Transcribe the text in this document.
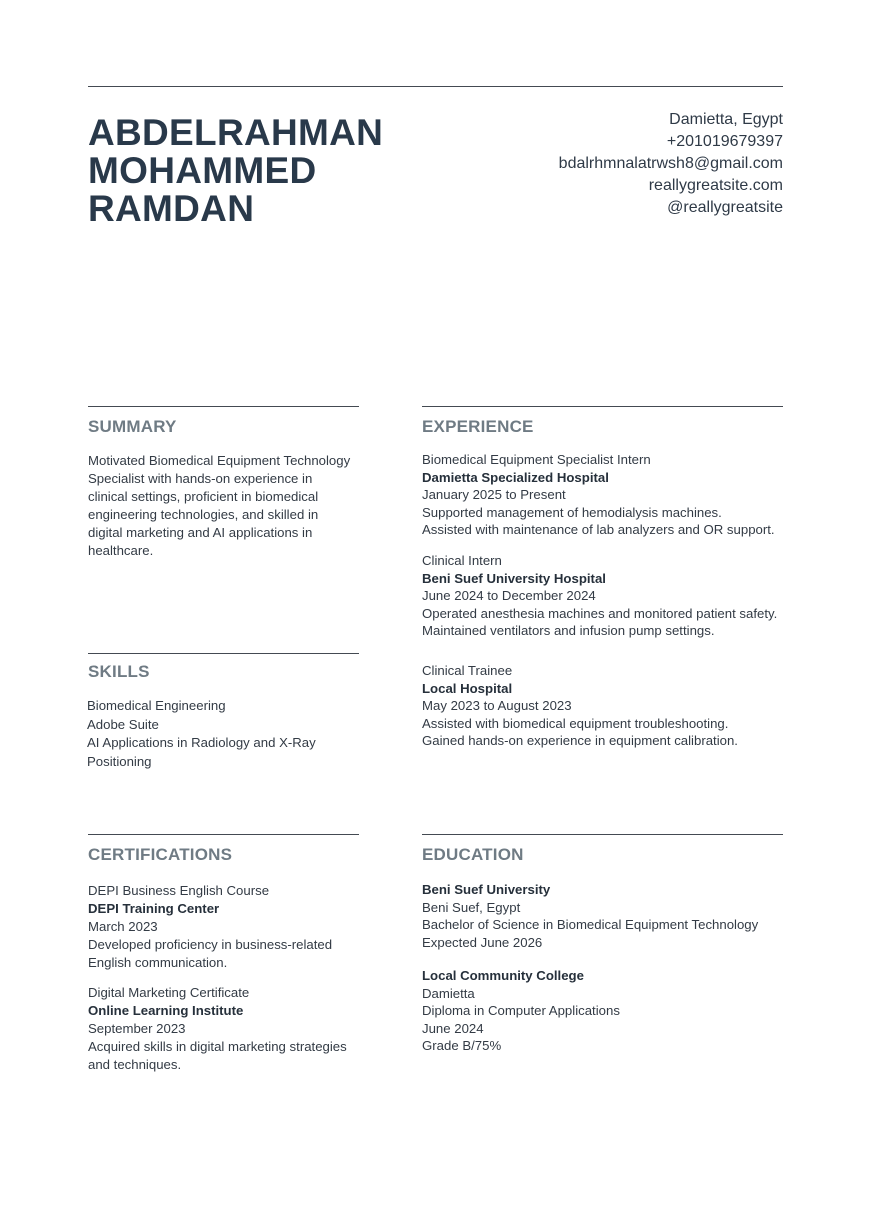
ABDELRAHMAN
MOHAMMED
RAMDAN
Damietta, Egypt
+201019679397
bdalrhmnalatrwsh8@gmail.com
reallygreatsite.com
@reallygreatsite
SUMMARY
Motivated Biomedical Equipment Technology
Specialist with hands-on experience in
clinical settings, proficient in biomedical
engineering technologies, and skilled in
digital marketing and AI applications in
healthcare.
SKILLS
Biomedical Engineering
Adobe Suite
AI Applications in Radiology and X-Ray
Positioning
CERTIFICATIONS
DEPI Business English Course
DEPI Training Center
March 2023
Developed proficiency in business-related
English communication.
Digital Marketing Certificate
Online Learning Institute
September 2023
Acquired skills in digital marketing strategies
and techniques.
EXPERIENCE
Biomedical Equipment Specialist Intern
Damietta Specialized Hospital
January 2025 to Present
Supported management of hemodialysis machines.
Assisted with maintenance of lab analyzers and OR support.
Clinical Intern
Beni Suef University Hospital
June 2024 to December 2024
Operated anesthesia machines and monitored patient safety.
Maintained ventilators and infusion pump settings.
Clinical Trainee
Local Hospital
May 2023 to August 2023
Assisted with biomedical equipment troubleshooting.
Gained hands-on experience in equipment calibration.
EDUCATION
Beni Suef University
Beni Suef, Egypt
Bachelor of Science in Biomedical Equipment Technology
Expected June 2026
Local Community College
Damietta
Diploma in Computer Applications
June 2024
Grade B/75%
